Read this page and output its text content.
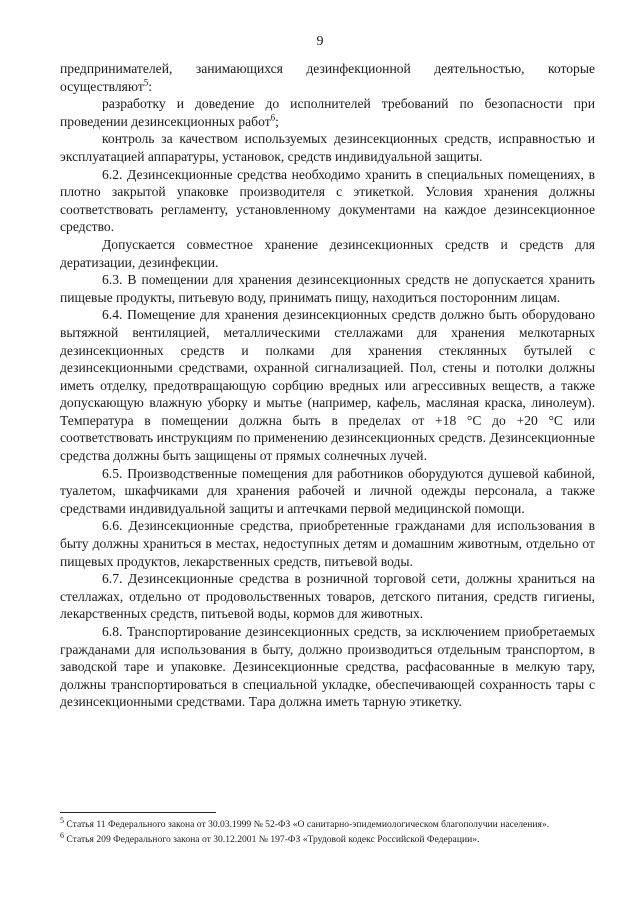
9

предпринимателей, занимающихся дезинфекционной деятельностью, которые осуществляют$^5$:

разработку и доведение до исполнителей требований по безопасности при проведении дезинсекционных работ$^6$;

контроль за качеством используемых дезинсекционных средств, исправностью и эксплуатацией аппаратуры, установок, средств индивидуальной защиты.

6.2. Дезинсекционные средства необходимо хранить в специальных помещениях, в плотно закрытой упаковке производителя с этикеткой. Условия хранения должны соответствовать регламенту, установленному документами на каждое дезинсекционное средство.

Допускается совместное хранение дезинсекционных средств и средств для дератизации, дезинфекции.

6.3. В помещении для хранения дезинсекционных средств не допускается хранить пищевые продукты, питьевую воду, принимать пищу, находиться посторонним лицам.

6.4. Помещение для хранения дезинсекционных средств должно быть оборудовано вытяжной вентиляцией, металлическими стеллажами для хранения мелкотарных дезинсекционных средств и полками для хранения стеклянных бутылей с дезинсекционными средствами, охранной сигнализацией. Пол, стены и потолки должны иметь отделку, предотвращающую сорбцию вредных или агрессивных веществ, а также допускающую влажную уборку и мытье (например, кафель, масляная краска, линолеум). Температура в помещении должна быть в пределах от +18 °С до +20 °С или соответствовать инструкциям по применению дезинсекционных средств. Дезинсекционные средства должны быть защищены от прямых солнечных лучей.

6.5. Производственные помещения для работников оборудуются душевой кабиной, туалетом, шкафчиками для хранения рабочей и личной одежды персонала, а также средствами индивидуальной защиты и аптечками первой медицинской помощи.

6.6. Дезинсекционные средства, приобретенные гражданами для использования в быту должны храниться в местах, недоступных детям и домашним животным, отдельно от пищевых продуктов, лекарственных средств, питьевой воды.

6.7. Дезинсекционные средства в розничной торговой сети, должны храниться на стеллажах, отдельно от продовольственных товаров, детского питания, средств гигиены, лекарственных средств, питьевой воды, кормов для животных.

6.8. Транспортирование дезинсекционных средств, за исключением приобретаемых гражданами для использования в быту, должно производиться отдельным транспортом, в заводской таре и упаковке. Дезинсекционные средства, расфасованные в мелкую тару, должны транспортироваться в специальной укладке, обеспечивающей сохранность тары с дезинсекционными средствами. Тара должна иметь тарную этикетку.

$^5$ Статья 11 Федерального закона от 30.03.1999 № 52-ФЗ «О санитарно-эпидемиологическом благополучии населения».

$^6$ Статья 209 Федерального закона от 30.12.2001 № 197-ФЗ «Трудовой кодекс Российской Федерации».
